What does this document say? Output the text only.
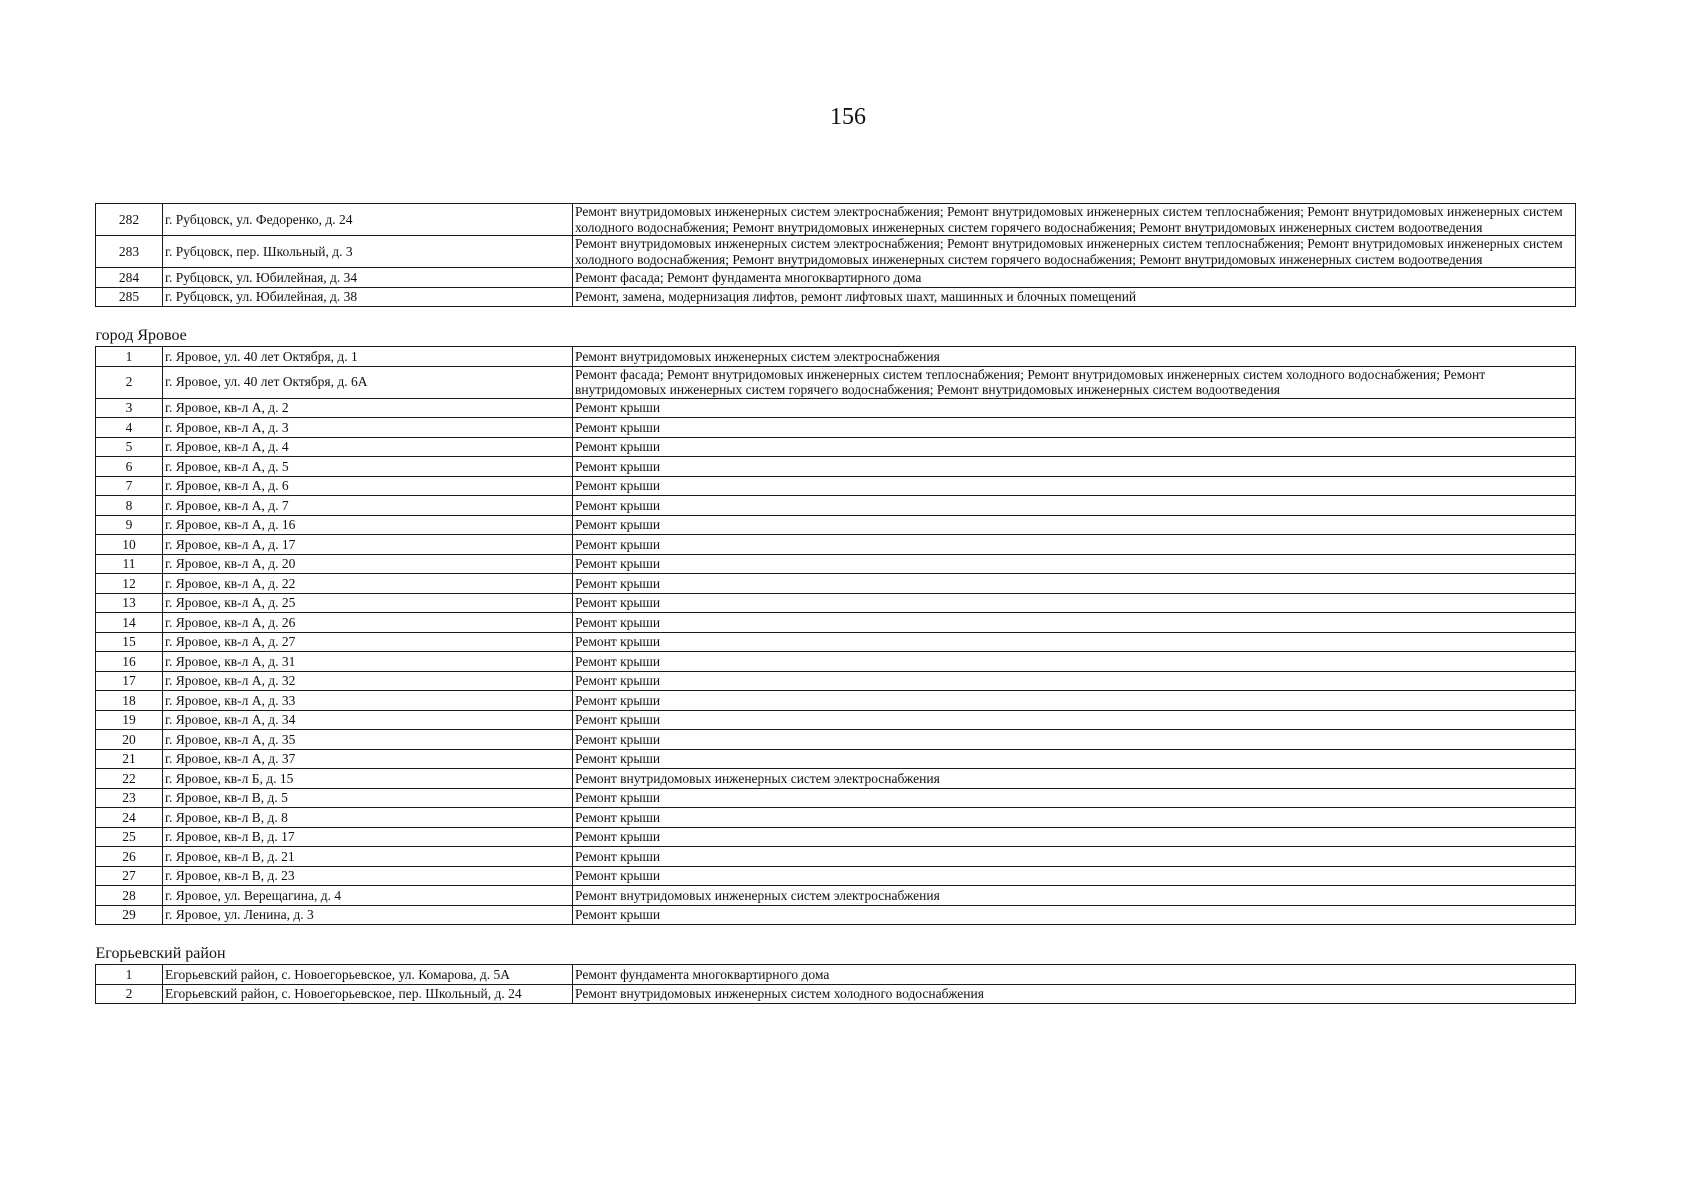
156
282	г. Рубцовск, ул. Федоренко, д. 24	Ремонт внутридомовых инженерных систем электроснабжения; Ремонт внутридомовых инженерных систем теплоснабжения; Ремонт внутридомовых инженерных систем холодного водоснабжения; Ремонт внутридомовых инженерных систем горячего водоснабжения; Ремонт внутридомовых инженерных систем водоотведения
283	г. Рубцовск, пер. Школьный, д. 3	Ремонт внутридомовых инженерных систем электроснабжения; Ремонт внутридомовых инженерных систем теплоснабжения; Ремонт внутридомовых инженерных систем холодного водоснабжения; Ремонт внутридомовых инженерных систем горячего водоснабжения; Ремонт внутридомовых инженерных систем водоотведения
284	г. Рубцовск, ул. Юбилейная, д. 34	Ремонт фасада; Ремонт фундамента многоквартирного дома
285	г. Рубцовск, ул. Юбилейная, д. 38	Ремонт, замена, модернизация лифтов, ремонт лифтовых шахт, машинных и блочных помещений
город Яровое		
1	г. Яровое, ул. 40 лет Октября, д. 1	Ремонт внутридомовых инженерных систем электроснабжения
2	г. Яровое, ул. 40 лет Октября, д. 6А	Ремонт фасада; Ремонт внутридомовых инженерных систем теплоснабжения; Ремонт внутридомовых инженерных систем холодного водоснабжения; Ремонт внутридомовых инженерных систем горячего водоснабжения; Ремонт внутридомовых инженерных систем водоотведения
3	г. Яровое, кв-л А, д. 2	Ремонт крыши
4	г. Яровое, кв-л А, д. 3	Ремонт крыши
5	г. Яровое, кв-л А, д. 4	Ремонт крыши
6	г. Яровое, кв-л А, д. 5	Ремонт крыши
7	г. Яровое, кв-л А, д. 6	Ремонт крыши
8	г. Яровое, кв-л А, д. 7	Ремонт крыши
9	г. Яровое, кв-л А, д. 16	Ремонт крыши
10	г. Яровое, кв-л А, д. 17	Ремонт крыши
11	г. Яровое, кв-л А, д. 20	Ремонт крыши
12	г. Яровое, кв-л А, д. 22	Ремонт крыши
13	г. Яровое, кв-л А, д. 25	Ремонт крыши
14	г. Яровое, кв-л А, д. 26	Ремонт крыши
15	г. Яровое, кв-л А, д. 27	Ремонт крыши
16	г. Яровое, кв-л А, д. 31	Ремонт крыши
17	г. Яровое, кв-л А, д. 32	Ремонт крыши
18	г. Яровое, кв-л А, д. 33	Ремонт крыши
19	г. Яровое, кв-л А, д. 34	Ремонт крыши
20	г. Яровое, кв-л А, д. 35	Ремонт крыши
21	г. Яровое, кв-л А, д. 37	Ремонт крыши
22	г. Яровое, кв-л Б, д. 15	Ремонт внутридомовых инженерных систем электроснабжения
23	г. Яровое, кв-л В, д. 5	Ремонт крыши
24	г. Яровое, кв-л В, д. 8	Ремонт крыши
25	г. Яровое, кв-л В, д. 17	Ремонт крыши
26	г. Яровое, кв-л В, д. 21	Ремонт крыши
27	г. Яровое, кв-л В, д. 23	Ремонт крыши
28	г. Яровое, ул. Верещагина, д. 4	Ремонт внутридомовых инженерных систем электроснабжения
29	г. Яровое, ул. Ленина, д. 3	Ремонт крыши
Егорьевский район		
1	Егорьевский район, с. Новоегорьевское, ул. Комарова, д. 5А	Ремонт фундамента многоквартирного дома
2	Егорьевский район, с. Новоегорьевское, пер. Школьный, д. 24	Ремонт внутридомовых инженерных систем холодного водоснабжения
